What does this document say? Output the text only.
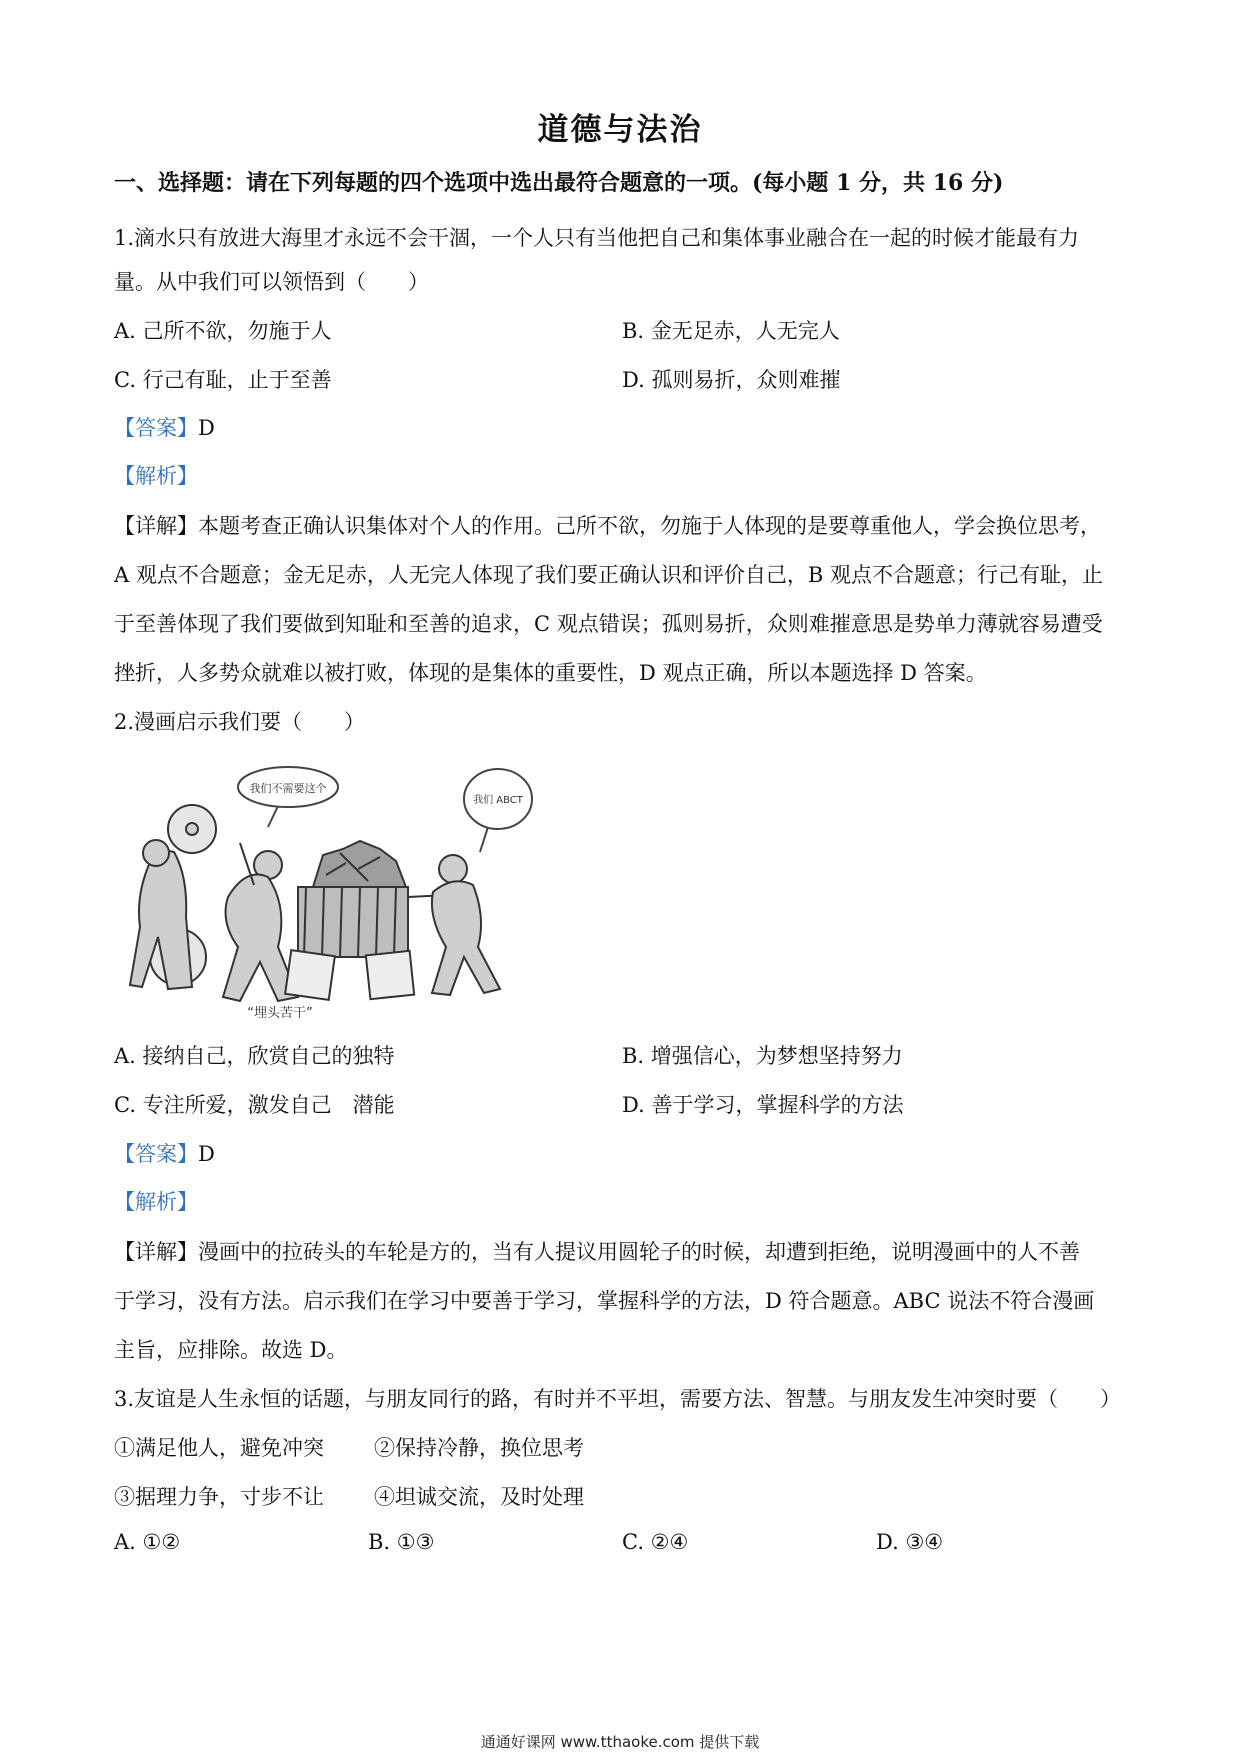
道德与法治
一、选择题：请在下列每题的四个选项中选出最符合题意的一项。(每小题 1 分，共 16 分)
1.滴水只有放进大海里才永远不会干涸，一个人只有当他把自己和集体事业融合在一起的时候才能最有力
量。从中我们可以领悟到（　　）
A. 己所不欲，勿施于人	B. 金无足赤，人无完人
C. 行己有耻，止于至善	D. 孤则易折，众则难摧
【答案】D
【解析】
【详解】本题考查正确认识集体对个人的作用。己所不欲，勿施于人体现的是要尊重他人，学会换位思考，
A 观点不合题意；金无足赤，人无完人体现了我们要正确认识和评价自己，B 观点不合题意；行己有耻，止
于至善体现了我们要做到知耻和至善的追求，C 观点错误；孤则易折，众则难摧意思是势单力薄就容易遭受
挫折，人多势众就难以被打败，体现的是集体的重要性，D 观点正确，所以本题选择 D 答案。
2.漫画启示我们要（　　）
我们不需要这个
我们 ABCT
“埋头苦干”
A. 接纳自己，欣赏自己的独特	B. 增强信心，为梦想坚持努力
C. 专注所爱，激发自己　潜能	D. 善于学习，掌握科学的方法
【答案】D
【解析】
【详解】漫画中的拉砖头的车轮是方的，当有人提议用圆轮子的时候，却遭到拒绝，说明漫画中的人不善
于学习，没有方法。启示我们在学习中要善于学习，掌握科学的方法，D 符合题意。ABC 说法不符合漫画
主旨，应排除。故选 D。
3.友谊是人生永恒的话题，与朋友同行的路，有时并不平坦，需要方法、智慧。与朋友发生冲突时要（　　）
①满足他人，避免冲突 ②保持冷静，换位思考
③据理力争，寸步不让 ④坦诚交流，及时处理
A. ①②	B. ①③	C. ②④	D. ③④
通通好课网 www.tthaoke.com 提供下载
